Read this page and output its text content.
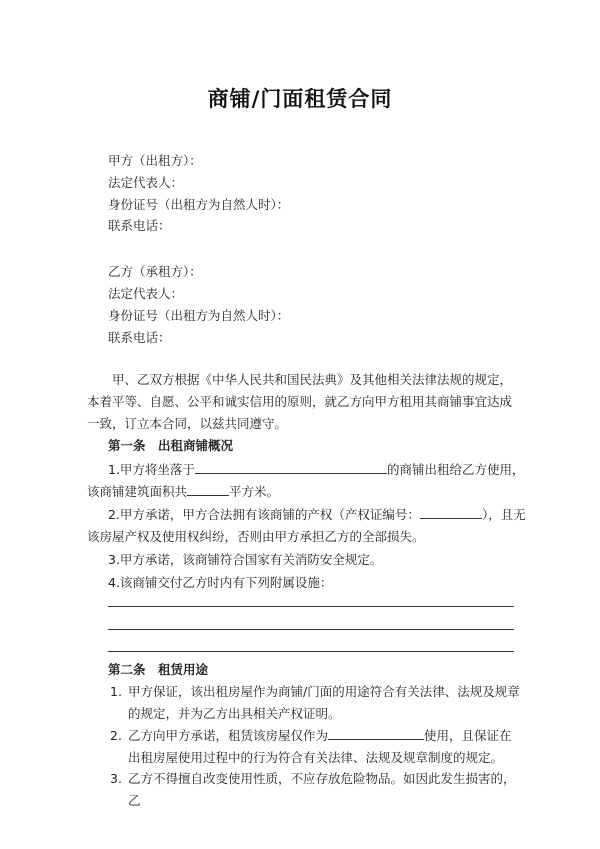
商铺/门面租赁合同
甲方（出租方）：
法定代表人：
身份证号（出租方为自然人时）：
联系电话：
乙方（承租方）：
法定代表人：
身份证号（出租方为自然人时）：
联系电话：
甲、乙双方根据《中华人民共和国民法典》及其他相关法律法规的规定，本着平等、自愿、公平和诚实信用的原则，就乙方向甲方租用其商铺事宜达成一致，订立本合同，以兹共同遵守。
第一条　出租商铺概况
1.甲方将坐落于	的商铺出租给乙方使用，
该商铺建筑面积共	平方米。
2.甲方承诺，甲方合法拥有该商铺的产权（产权证编号：	），且无
该房屋产权及使用权纠纷，否则由甲方承担乙方的全部损失。
3.甲方承诺，该商铺符合国家有关消防安全规定。
4.该商铺交付乙方时内有下列附属设施：
第二条　租赁用途
1. 甲方保证，该出租房屋作为商铺/门面的用途符合有关法律、法规及规章的规定，并为乙方出具相关产权证明。
2. 乙方向甲方承诺，租赁该房屋仅作为	使用，且保证在出租房屋使用过程中的行为符合有关法律、法规及规章制度的规定。
3. 乙方不得擅自改变使用性质，不应存放危险物品。如因此发生损害的，乙
